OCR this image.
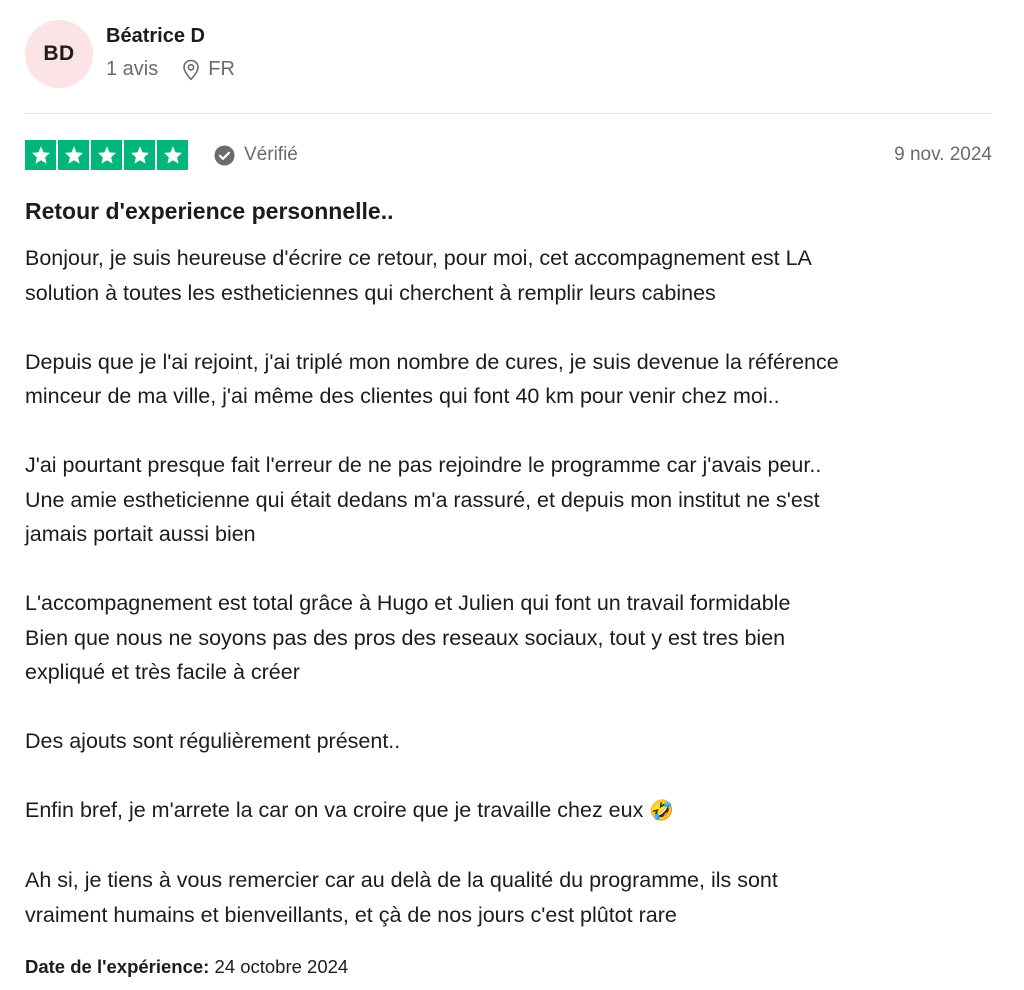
BD
Béatrice D
1 avis	FR
Vérifié	9 nov. 2024
Retour d'experience personnelle..

Bonjour, je suis heureuse d'écrire ce retour, pour moi, cet accompagnement est LA
solution à toutes les estheticiennes qui cherchent à remplir leurs cabines

Depuis que je l'ai rejoint, j'ai triplé mon nombre de cures, je suis devenue la référence
minceur de ma ville, j'ai même des clientes qui font 40 km pour venir chez moi..

J'ai pourtant presque fait l'erreur de ne pas rejoindre le programme car j'avais peur..
Une amie estheticienne qui était dedans m'a rassuré, et depuis mon institut ne s'est
jamais portait aussi bien

L'accompagnement est total grâce à Hugo et Julien qui font un travail formidable
Bien que nous ne soyons pas des pros des reseaux sociaux, tout y est tres bien
expliqué et très facile à créer

Des ajouts sont régulièrement présent..

Enfin bref, je m'arrete la car on va croire que je travaille chez eux 🤣

Ah si, je tiens à vous remercier car au delà de la qualité du programme, ils sont
vraiment humains et bienveillants, et çà de nos jours c'est plûtot rare

Date de l'expérience: 24 octobre 2024
